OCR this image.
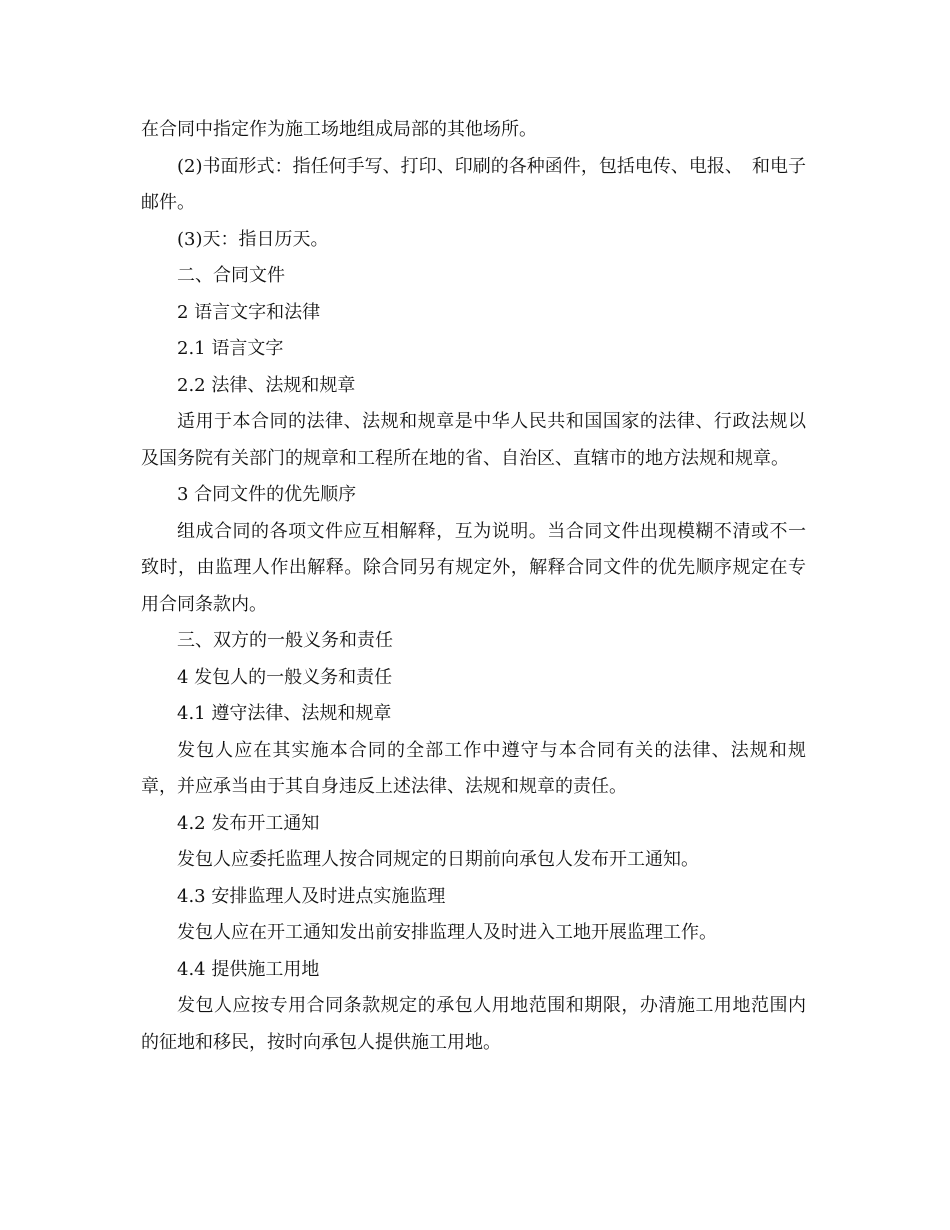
在合同中指定作为施工场地组成局部的其他场所。

(2)书面形式：指任何手写、打印、印刷的各种函件，包括电传、电报、　和电子邮件。

(3)天：指日历天。

二、合同文件

2 语言文字和法律

2.1 语言文字

2.2 法律、法规和规章

适用于本合同的法律、法规和规章是中华人民共和国国家的法律、行政法规以及国务院有关部门的规章和工程所在地的省、自治区、直辖市的地方法规和规章。

3 合同文件的优先顺序

组成合同的各项文件应互相解释，互为说明。当合同文件出现模糊不清或不一致时，由监理人作出解释。除合同另有规定外，解释合同文件的优先顺序规定在专用合同条款内。

三、双方的一般义务和责任

4 发包人的一般义务和责任

4.1 遵守法律、法规和规章

发包人应在其实施本合同的全部工作中遵守与本合同有关的法律、法规和规章，并应承当由于其自身违反上述法律、法规和规章的责任。

4.2 发布开工通知

发包人应委托监理人按合同规定的日期前向承包人发布开工通知。

4.3 安排监理人及时进点实施监理

发包人应在开工通知发出前安排监理人及时进入工地开展监理工作。

4.4 提供施工用地

发包人应按专用合同条款规定的承包人用地范围和期限，办清施工用地范围内的征地和移民，按时向承包人提供施工用地。
